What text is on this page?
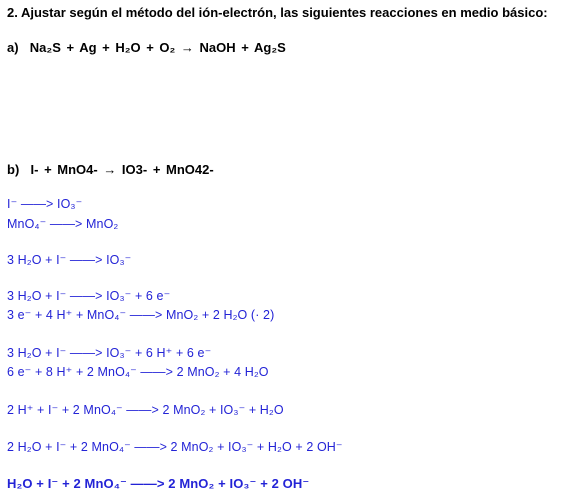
2. Ajustar según el método del ión-electrón, las siguientes reacciones en medio básico:
a) Na₂S + Ag + H₂O + O₂ → NaOH + Ag₂S
b) I- + MnO4- → IO3- + MnO42-
I⁻ ——> IO₃⁻
MnO₄⁻ ——> MnO₂
3 H₂O + I⁻ ——> IO₃⁻
3 H₂O + I⁻ ——> IO₃⁻ + 6 e⁻
3 e⁻ + 4 H⁺ + MnO₄⁻ ——> MnO₂ + 2 H₂O (· 2)
3 H₂O + I⁻ ——> IO₃⁻ + 6 H⁺ + 6 e⁻
6 e⁻ + 8 H⁺ + 2 MnO₄⁻ ——> 2 MnO₂ + 4 H₂O
2 H⁺ + I⁻ + 2 MnO₄⁻ ——> 2 MnO₂ + IO₃⁻ + H₂O
2 H₂O + I⁻ + 2 MnO₄⁻ ——> 2 MnO₂ + IO₃⁻ + H₂O + 2 OH⁻
H₂O + I⁻ + 2 MnO₄⁻ ——> 2 MnO₂ + IO₃⁻ + 2 OH⁻
